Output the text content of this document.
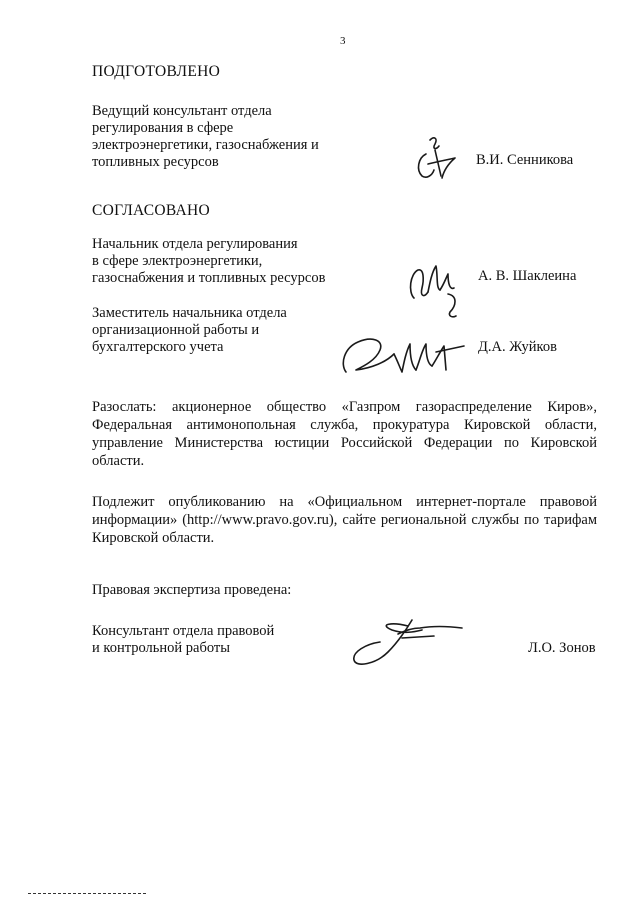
3
ПОДГОТОВЛЕНО
Ведущий консультант отдела
регулирования в сфере
электроэнергетики, газоснабжения и
топливных ресурсов	В.И. Сенникова
СОГЛАСОВАНО
Начальник отдела регулирования
в сфере электроэнергетики,
газоснабжения и топливных ресурсов	А. В. Шаклеина
Заместитель начальника отдела
организационной работы и
бухгалтерского учета	Д.А. Жуйков
Разослать: акционерное общество «Газпром газораспределение Киров», Федеральная антимонопольная служба, прокуратура Кировской области, управление Министерства юстиции Российской Федерации по Кировской области.
Подлежит опубликованию на «Официальном интернет-портале правовой информации» (http://www.pravo.gov.ru), сайте региональной службы по тарифам Кировской области.
Правовая экспертиза проведена:
Консультант отдела правовой
и контрольной работы	Л.О. Зонов
